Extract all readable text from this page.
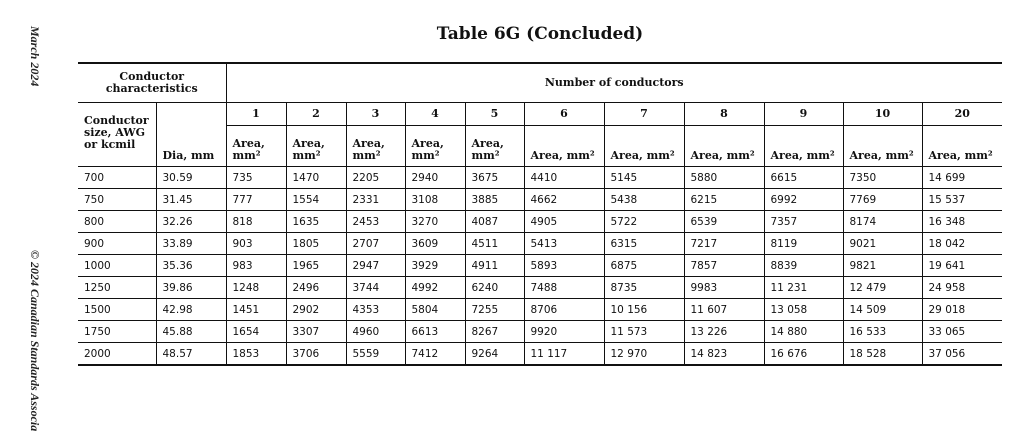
March 2024
© 2024 Canadian Standards Associa
Table 6G (Concluded)
Conductor characteristics		Number of conductors										
Conductor size, AWG or kcmil	Dia, mm	1	2	3	4	5	6	7	8	9	10	20
		Area, mm²	Area, mm²	Area, mm²	Area, mm²	Area, mm²	Area, mm²	Area, mm²	Area, mm²	Area, mm²	Area, mm²	Area, mm²
700	30.59	735	1470	2205	2940	3675	4410	5145	5880	6615	7350	14 699
750	31.45	777	1554	2331	3108	3885	4662	5438	6215	6992	7769	15 537
800	32.26	818	1635	2453	3270	4087	4905	5722	6539	7357	8174	16 348
900	33.89	903	1805	2707	3609	4511	5413	6315	7217	8119	9021	18 042
1000	35.36	983	1965	2947	3929	4911	5893	6875	7857	8839	9821	19 641
1250	39.86	1248	2496	3744	4992	6240	7488	8735	9983	11 231	12 479	24 958
1500	42.98	1451	2902	4353	5804	7255	8706	10 156	11 607	13 058	14 509	29 018
1750	45.88	1654	3307	4960	6613	8267	9920	11 573	13 226	14 880	16 533	33 065
2000	48.57	1853	3706	5559	7412	9264	11 117	12 970	14 823	16 676	18 528	37 056
